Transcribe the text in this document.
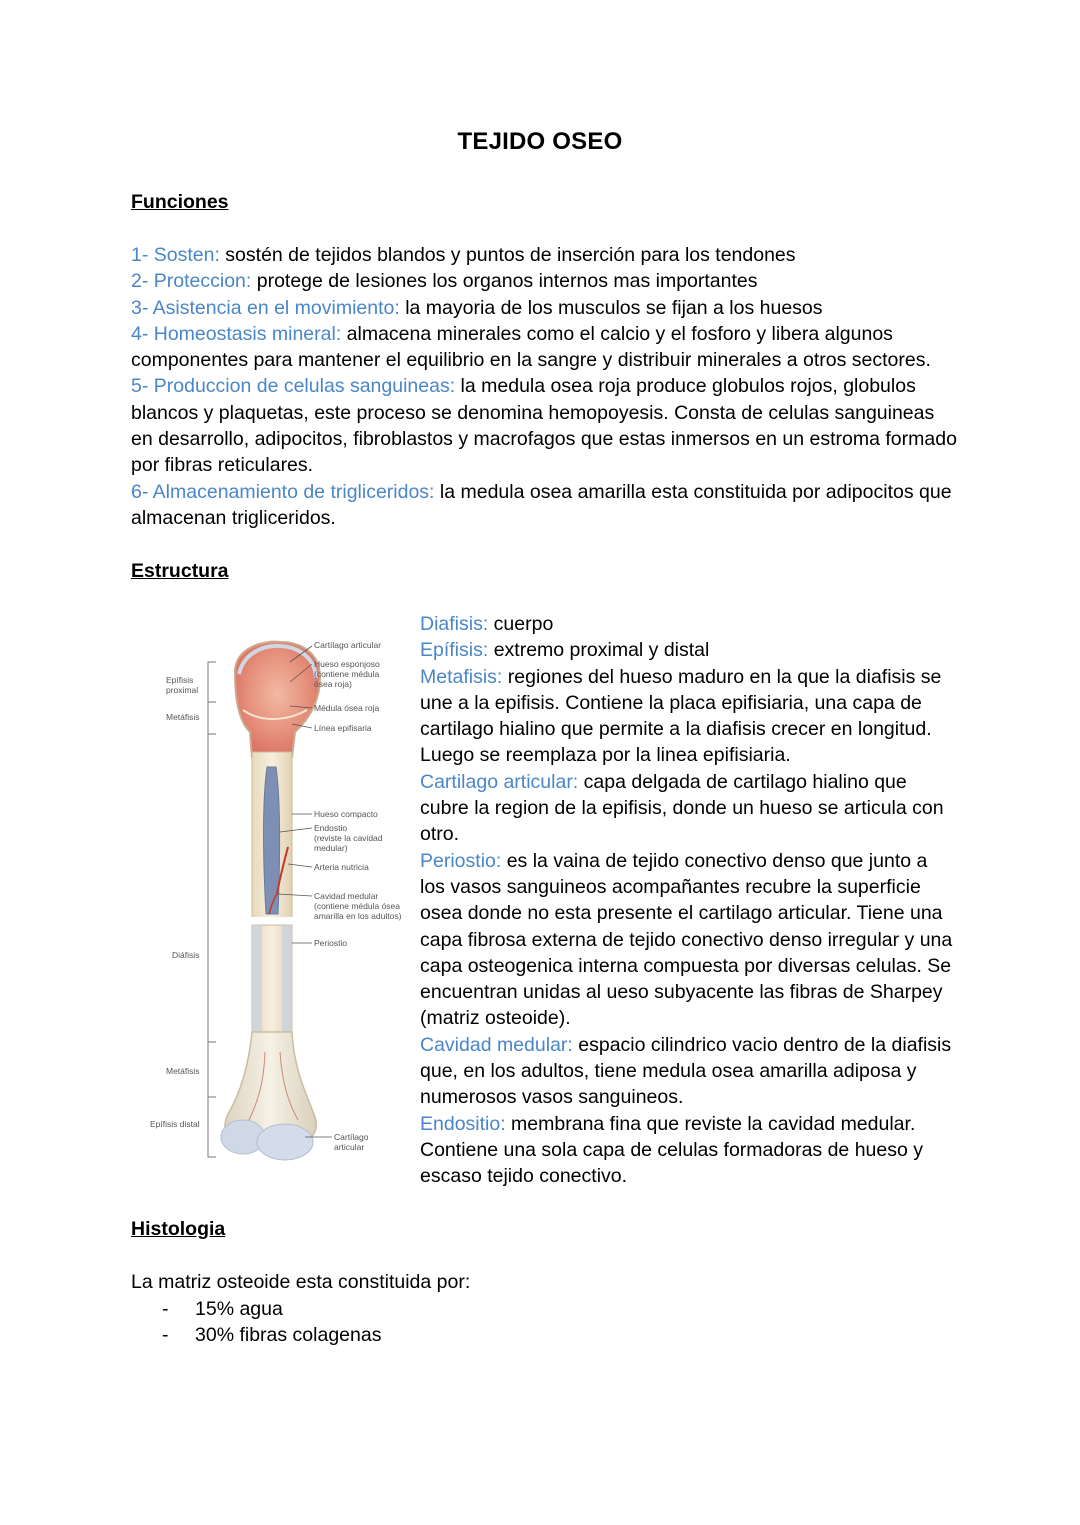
TEJIDO OSEO
Funciones
1- Sosten: sostén de tejidos blandos y puntos de inserción para los tendones
2- Proteccion: protege de lesiones los organos internos mas importantes
3- Asistencia en el movimiento: la mayoria de los musculos se fijan a los huesos
4- Homeostasis mineral: almacena minerales como el calcio y el fosforo y libera algunos componentes para mantener el equilibrio en la sangre y distribuir minerales a otros sectores.
5- Produccion de celulas sanguineas: la medula osea roja produce globulos rojos, globulos blancos y plaquetas, este proceso se denomina hemopoyesis. Consta de celulas sanguineas en desarrollo, adipocitos, fibroblastos y macrofagos que estas inmersos en un estroma formado por fibras reticulares.
6- Almacenamiento de trigliceridos: la medula osea amarilla esta constituida por adipocitos que almacenan trigliceridos.
Estructura
Epífisis
proximal
Metáfisis
Diáfisis
Metáfisis
Epífisis distal
Cartílago articular
Hueso esponjoso
(contiene médula
ósea roja)
Médula ósea roja
Línea epifisaria
Hueso compacto
Endostio
(reviste la cavidad
medular)
Arteria nutricia
Cavidad medular
(contiene médula ósea
amarilla en los adultos)
Periostio
Cartílago
articular
Diafisis: cuerpo
Epífisis: extremo proximal y distal
Metafisis: regiones del hueso maduro en la que la diafisis se une a la epifisis. Contiene la placa epifisiaria, una capa de cartilago hialino que permite a la diafisis crecer en longitud. Luego se reemplaza por la linea epifisiaria.
Cartilago articular: capa delgada de cartilago hialino que cubre la region de la epifisis, donde un hueso se articula con otro.
Periostio: es la vaina de tejido conectivo denso que junto a los vasos sanguineos acompañantes recubre la superficie osea donde no esta presente el cartilago articular. Tiene una capa fibrosa externa de tejido conectivo denso irregular y una capa osteogenica interna compuesta por diversas celulas. Se encuentran unidas al ueso subyacente las fibras de Sharpey (matriz osteoide).
Cavidad medular: espacio cilindrico vacio dentro de la diafisis que, en los adultos, tiene medula osea amarilla adiposa y numerosos vasos sanguineos.
Endositio: membrana fina que reviste la cavidad medular. Contiene una sola capa de celulas formadoras de hueso y escaso tejido conectivo.
Histologia
La matriz osteoide esta constituida por:
- 15% agua
- 30% fibras colagenas
